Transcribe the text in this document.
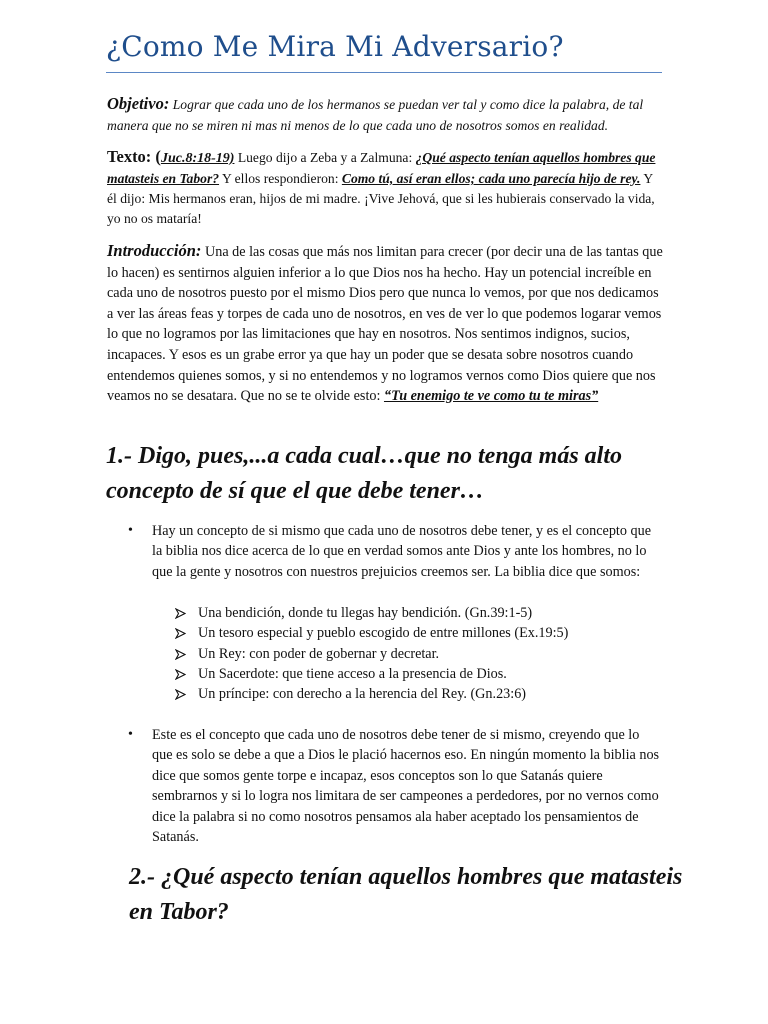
¿Como Me Mira Mi Adversario?
Objetivo: Lograr que cada uno de los hermanos se puedan ver tal y como dice la palabra, de tal manera que no se miren ni mas ni menos de lo que cada uno de nosotros somos en realidad.
Texto: (Juc.8:18-19) Luego dijo a Zeba y a Zalmuna: ¿Qué aspecto tenían aquellos hombres que matasteis en Tabor? Y ellos respondieron: Como tú, así eran ellos; cada uno parecía hijo de rey. Y él dijo: Mis hermanos eran, hijos de mi madre. ¡Vive Jehová, que si les hubierais conservado la vida, yo no os mataría!
Introducción: Una de las cosas que más nos limitan para crecer (por decir una de las tantas que lo hacen) es sentirnos alguien inferior a lo que Dios nos ha hecho. Hay un potencial increíble en cada uno de nosotros puesto por el mismo Dios pero que nunca lo vemos, por que nos dedicamos a ver las áreas feas y torpes de cada uno de nosotros, en ves de ver lo que podemos logarar vemos lo que no logramos por las limitaciones que hay en nosotros. Nos sentimos indignos, sucios, incapaces. Y esos es un grabe error ya que hay un poder que se desata sobre nosotros cuando entendemos quienes somos, y si no entendemos y no logramos vernos como Dios quiere que nos veamos no se desatara. Que no se te olvide esto: “Tu enemigo te ve como tu te miras”
1.- Digo, pues,...a cada cual…que no tenga más alto concepto de sí que el que debe tener…
• Hay un concepto de si mismo que cada uno de nosotros debe tener, y es el concepto que la biblia nos dice acerca de lo que en verdad somos ante Dios y ante los hombres, no lo que la gente y nosotros con nuestros prejuicios creemos ser. La biblia dice que somos:
Una bendición, donde tu llegas hay bendición. (Gn.39:1-5)
Un tesoro especial y pueblo escogido de entre millones (Ex.19:5)
Un Rey: con poder de gobernar y decretar.
Un Sacerdote: que tiene acceso a la presencia de Dios.
Un príncipe: con derecho a la herencia del Rey. (Gn.23:6)
• Este es el concepto que cada uno de nosotros debe tener de si mismo, creyendo que lo que es solo se debe a que a Dios le plació hacernos eso. En ningún momento la biblia nos dice que somos gente torpe e incapaz, esos conceptos son lo que Satanás quiere sembrarnos y si lo logra nos limitara de ser campeones a perdedores, por no vernos como dice la palabra si no como nosotros pensamos ala haber aceptado los pensamientos de Satanás.
2.- ¿Qué aspecto tenían aquellos hombres que matasteis en Tabor?
